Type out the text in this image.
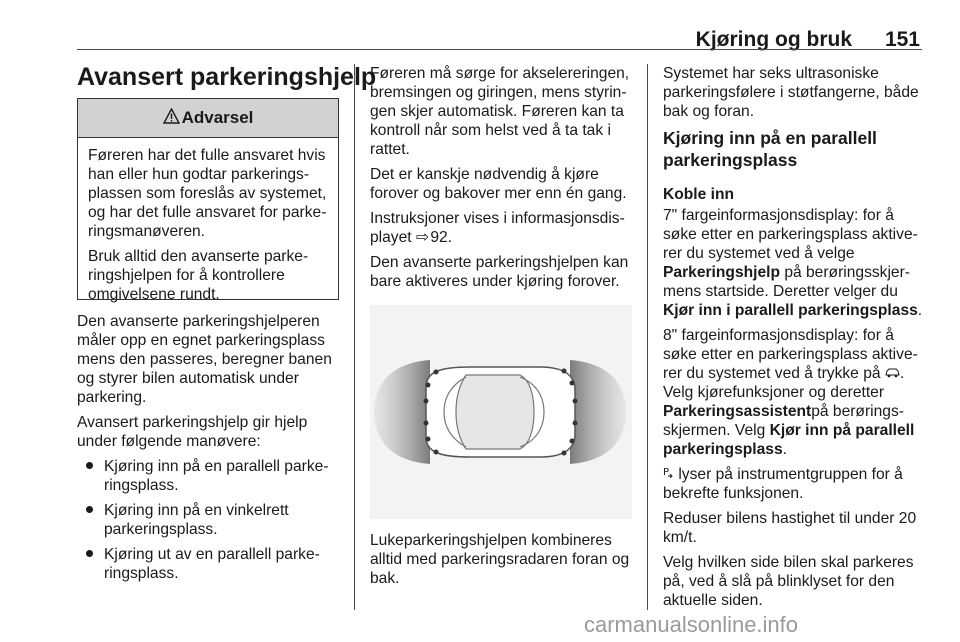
Kjøring og bruk 151
Avansert parkeringshjelp
Advarsel

Føreren har det fulle ansvaret hvis han eller hun godtar parkeringsplassen som foreslås av systemet, og har det fulle ansvaret for parkeringsmanøveren.

Bruk alltid den avanserte parkeringshjelpen for å kontrollere omgivelsene rundt.

Den avanserte parkeringshjelperen måler opp en egnet parkeringsplass mens den passeres, beregner banen og styrer bilen automatisk under parkering.

Avansert parkeringshjelp gir hjelp under følgende manøvere:

Kjøring inn på en parallell parkeringsplass.
Kjøring inn på en vinkelrett parkeringsplass.
Kjøring ut av en parallell parkeringsplass.

Føreren må sørge for akselereringen, bremsingen og giringen, mens styringen skjer automatisk. Føreren kan ta kontroll når som helst ved å ta tak i rattet.

Det er kanskje nødvendig å kjøre forover og bakover mer enn én gang.

Instruksjoner vises i informasjonsdisplayet ⇨ 92.

Den avanserte parkeringshjelpen kan bare aktiveres under kjøring forover.

Lukeparkeringshjelpen kombineres alltid med parkeringsradaren foran og bak.

Systemet har seks ultrasoniske parkeringsfølere i støtfangerne, både bak og foran.

Kjøring inn på en parallell parkeringsplass

Koble inn

7" fargeinformasjonsdisplay: for å søke etter en parkeringsplass aktiverer du systemet ved å velge Parkeringshjelp på berøringsskjermens startside. Deretter velger du Kjør inn i parallell parkeringsplass.

8" fargeinformasjonsdisplay: for å søke etter en parkeringsplass aktiverer du systemet ved å trykke på . Velg kjørefunksjoner og deretter Parkeringsassistentpå berøringsskjermen. Velg Kjør inn på parallell parkeringsplass.

P lyser på instrumentgruppen for å bekrefte funksjonen.

Reduser bilens hastighet til under 20 km/t.

Velg hvilken side bilen skal parkeres på, ved å slå på blinklyset for den aktuelle siden.

carmanualsonline.info
